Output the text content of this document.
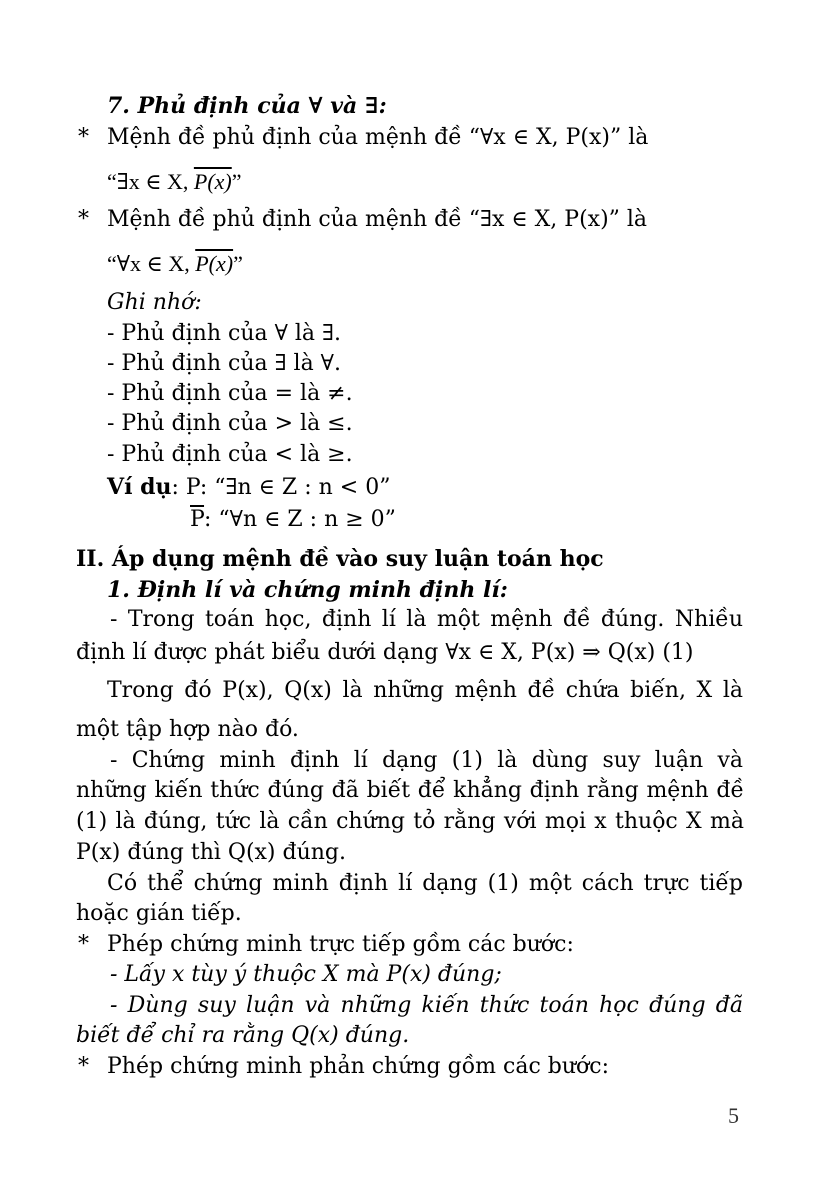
7. Phủ định của ∀ và ∃:
* Mệnh đề phủ định của mệnh đề “∀x ∈ X, P(x)” là
“∃x ∈ X, P(x)”
* Mệnh đề phủ định của mệnh đề “∃x ∈ X, P(x)” là
“∀x ∈ X, P(x)”
Ghi nhớ:
- Phủ định của ∀ là ∃.
- Phủ định của ∃ là ∀.
- Phủ định của = là ≠.
- Phủ định của > là ≤.
- Phủ định của < là ≥.
Ví dụ: P: “∃n ∈ Z : n < 0”
$\overline{P}$: “∀n ∈ Z : n ≥ 0”
II. Áp dụng mệnh đề vào suy luận toán học
1. Định lí và chứng minh định lí:
- Trong toán học, định lí là một mệnh đề đúng. Nhiều
định lí được phát biểu dưới dạng ∀x ∈ X, P(x) ⇒ Q(x) (1)
Trong đó P(x), Q(x) là những mệnh đề chứa biến, X là
một tập hợp nào đó.
- Chứng minh định lí dạng (1) là dùng suy luận và
những kiến thức đúng đã biết để khẳng định rằng mệnh đề
(1) là đúng, tức là cần chứng tỏ rằng với mọi x thuộc X mà
P(x) đúng thì Q(x) đúng.
Có thể chứng minh định lí dạng (1) một cách trực tiếp
hoặc gián tiếp.
* Phép chứng minh trực tiếp gồm các bước:
- Lấy x tùy ý thuộc X mà P(x) đúng;
- Dùng suy luận và những kiến thức toán học đúng đã
biết để chỉ ra rằng Q(x) đúng.
* Phép chứng minh phản chứng gồm các bước:
5
